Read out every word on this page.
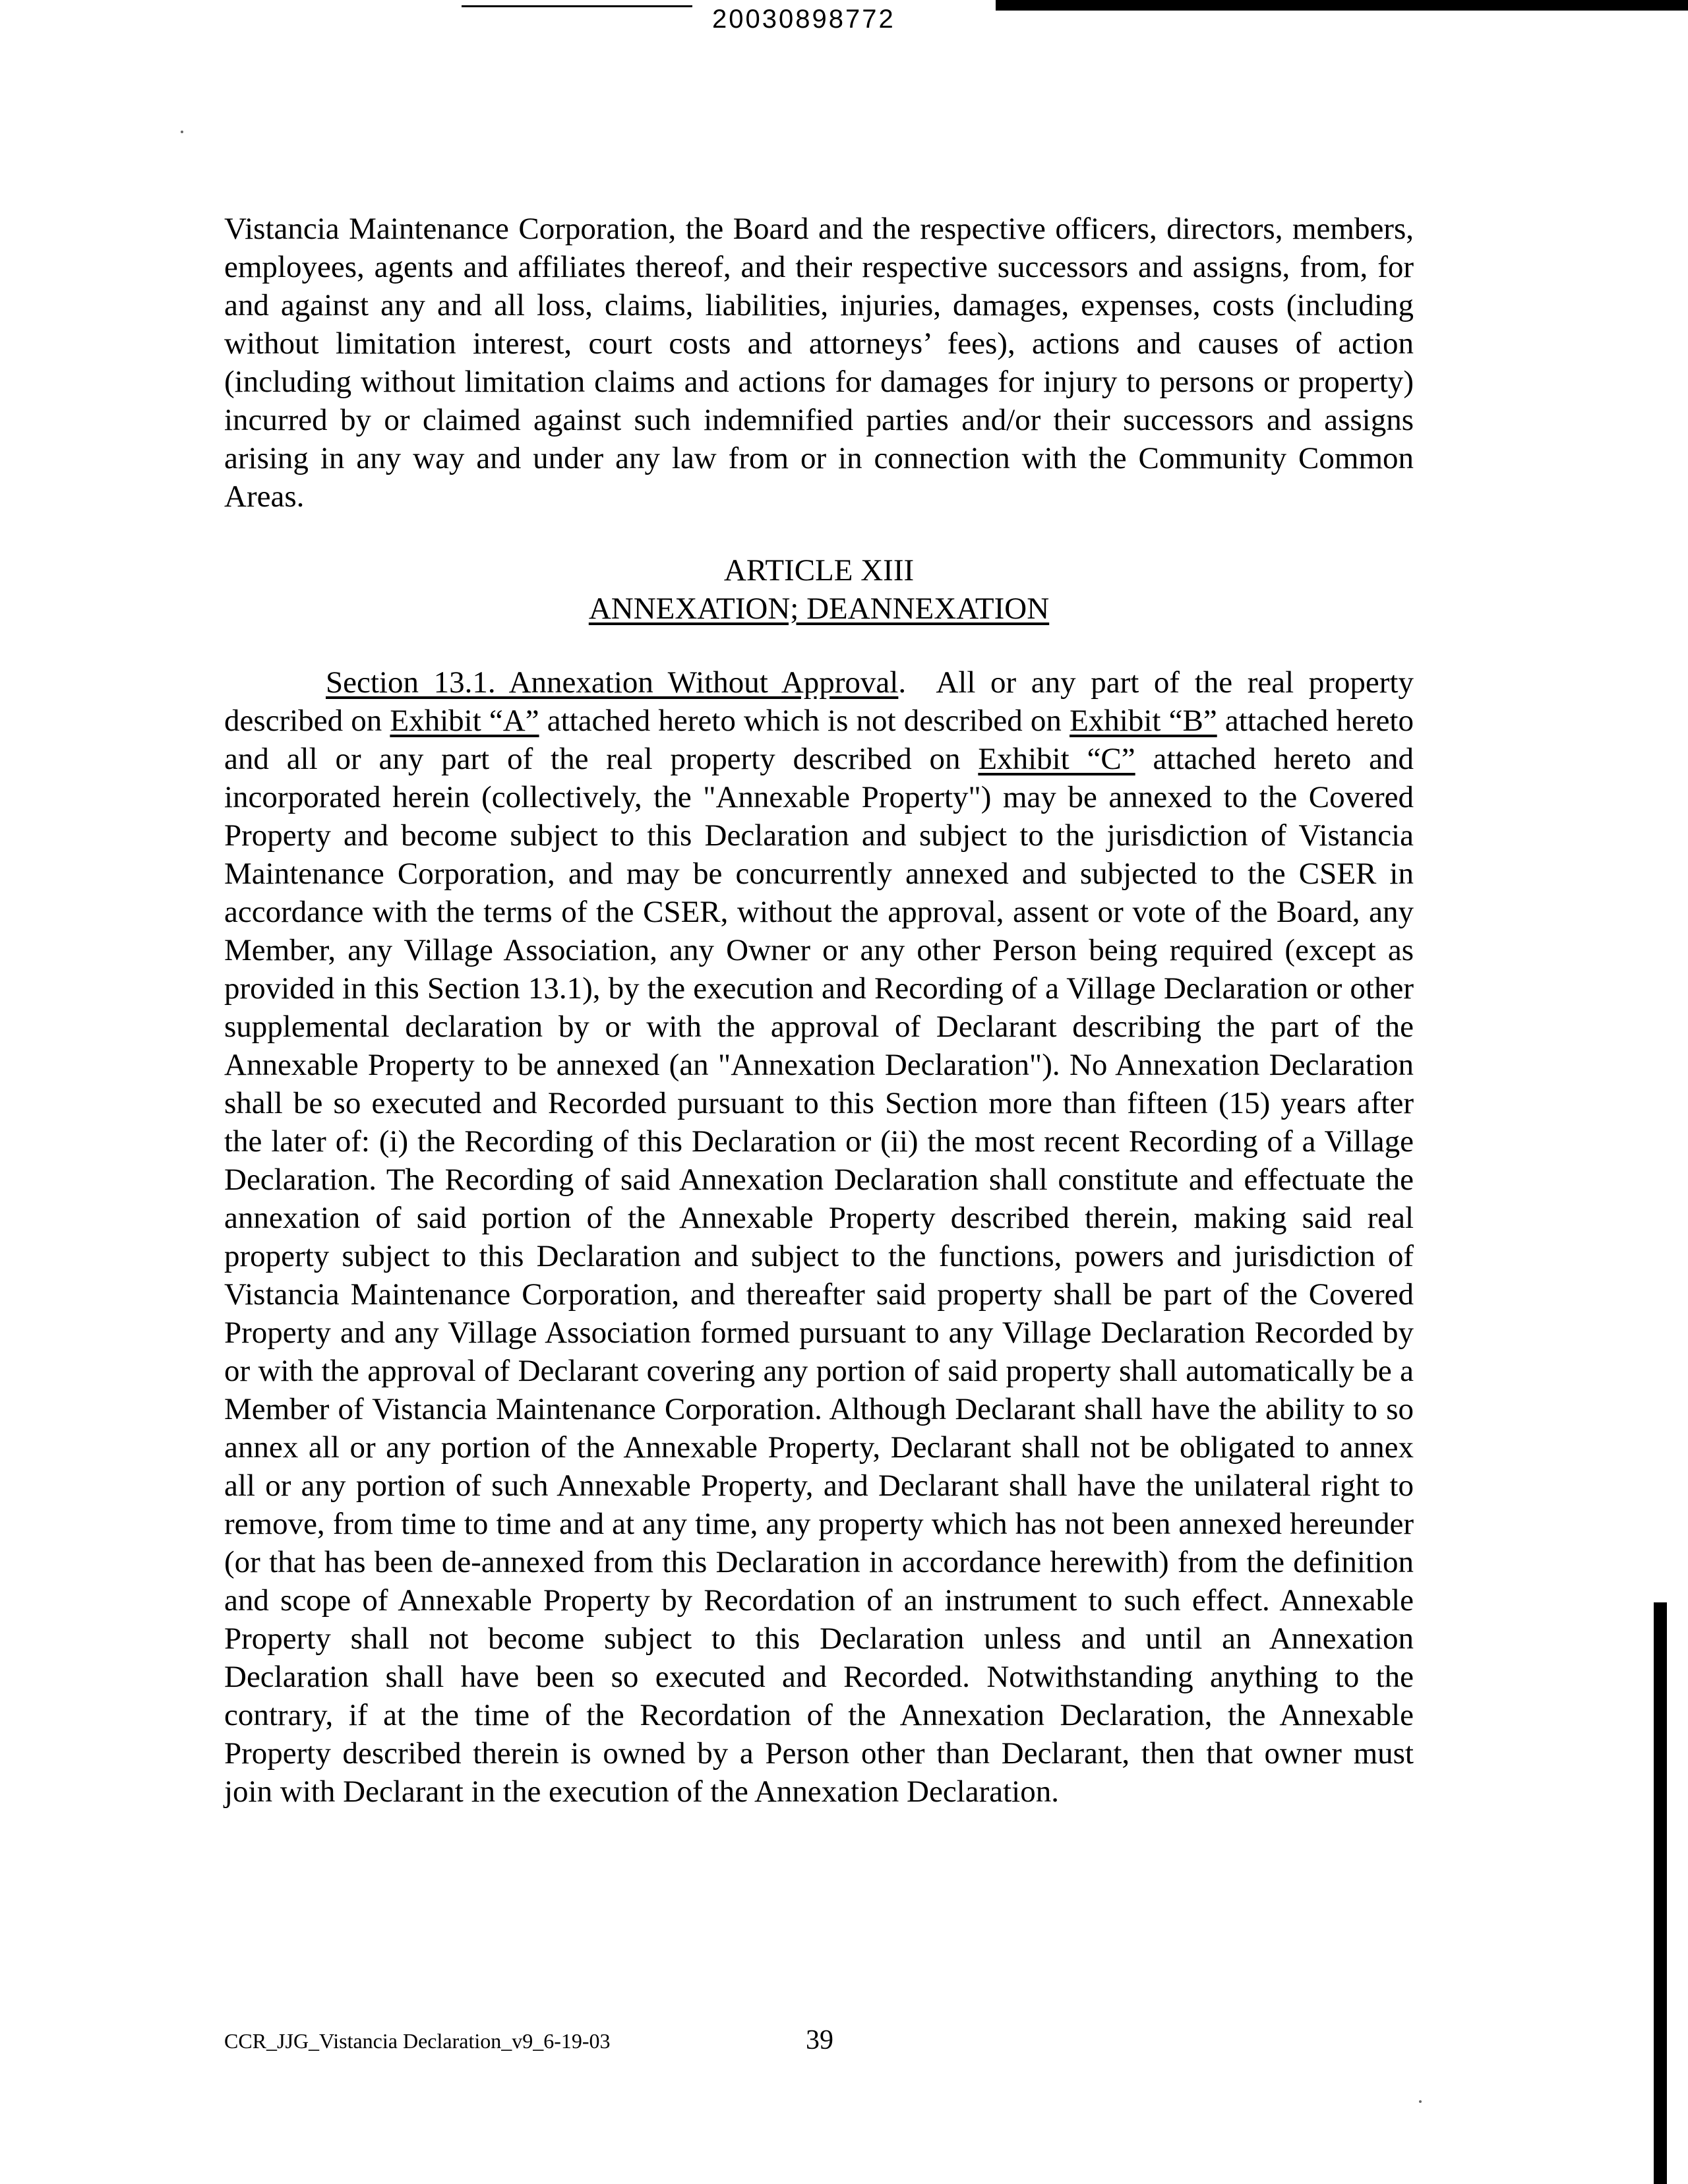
20030898772

Vistancia Maintenance Corporation, the Board and the respective officers, directors, members, employees, agents and affiliates thereof, and their respective successors and assigns, from, for and against any and all loss, claims, liabilities, injuries, damages, expenses, costs (including without limitation interest, court costs and attorneys’ fees), actions and causes of action (including without limitation claims and actions for damages for injury to persons or property) incurred by or claimed against such indemnified parties and/or their successors and assigns arising in any way and under any law from or in connection with the Community Common Areas.

ARTICLE XIII
ANNEXATION; DEANNEXATION

Section 13.1. Annexation Without Approval.  All or any part of the real property described on Exhibit “A” attached hereto which is not described on Exhibit “B” attached hereto and all or any part of the real property described on Exhibit “C” attached hereto and incorporated herein (collectively, the "Annexable Property") may be annexed to the Covered Property and become subject to this Declaration and subject to the jurisdiction of Vistancia Maintenance Corporation, and may be concurrently annexed and subjected to the CSER in accordance with the terms of the CSER, without the approval, assent or vote of the Board, any Member, any Village Association, any Owner or any other Person being required (except as provided in this Section 13.1), by the execution and Recording of a Village Declaration or other supplemental declaration by or with the approval of Declarant describing the part of the Annexable Property to be annexed (an "Annexation Declaration"). No Annexation Declaration shall be so executed and Recorded pursuant to this Section more than fifteen (15) years after the later of: (i) the Recording of this Declaration or (ii) the most recent Recording of a Village Declaration. The Recording of said Annexation Declaration shall constitute and effectuate the annexation of said portion of the Annexable Property described therein, making said real property subject to this Declaration and subject to the functions, powers and jurisdiction of Vistancia Maintenance Corporation, and thereafter said property shall be part of the Covered Property and any Village Association formed pursuant to any Village Declaration Recorded by or with the approval of Declarant covering any portion of said property shall automatically be a Member of Vistancia Maintenance Corporation. Although Declarant shall have the ability to so annex all or any portion of the Annexable Property, Declarant shall not be obligated to annex all or any portion of such Annexable Property, and Declarant shall have the unilateral right to remove, from time to time and at any time, any property which has not been annexed hereunder (or that has been de-annexed from this Declaration in accordance herewith) from the definition and scope of Annexable Property by Recordation of an instrument to such effect. Annexable Property shall not become subject to this Declaration unless and until an Annexation Declaration shall have been so executed and Recorded. Notwithstanding anything to the contrary, if at the time of the Recordation of the Annexation Declaration, the Annexable Property described therein is owned by a Person other than Declarant, then that owner must join with Declarant in the execution of the Annexation Declaration.

CCR_JJG_Vistancia Declaration_v9_6-19-03	39
